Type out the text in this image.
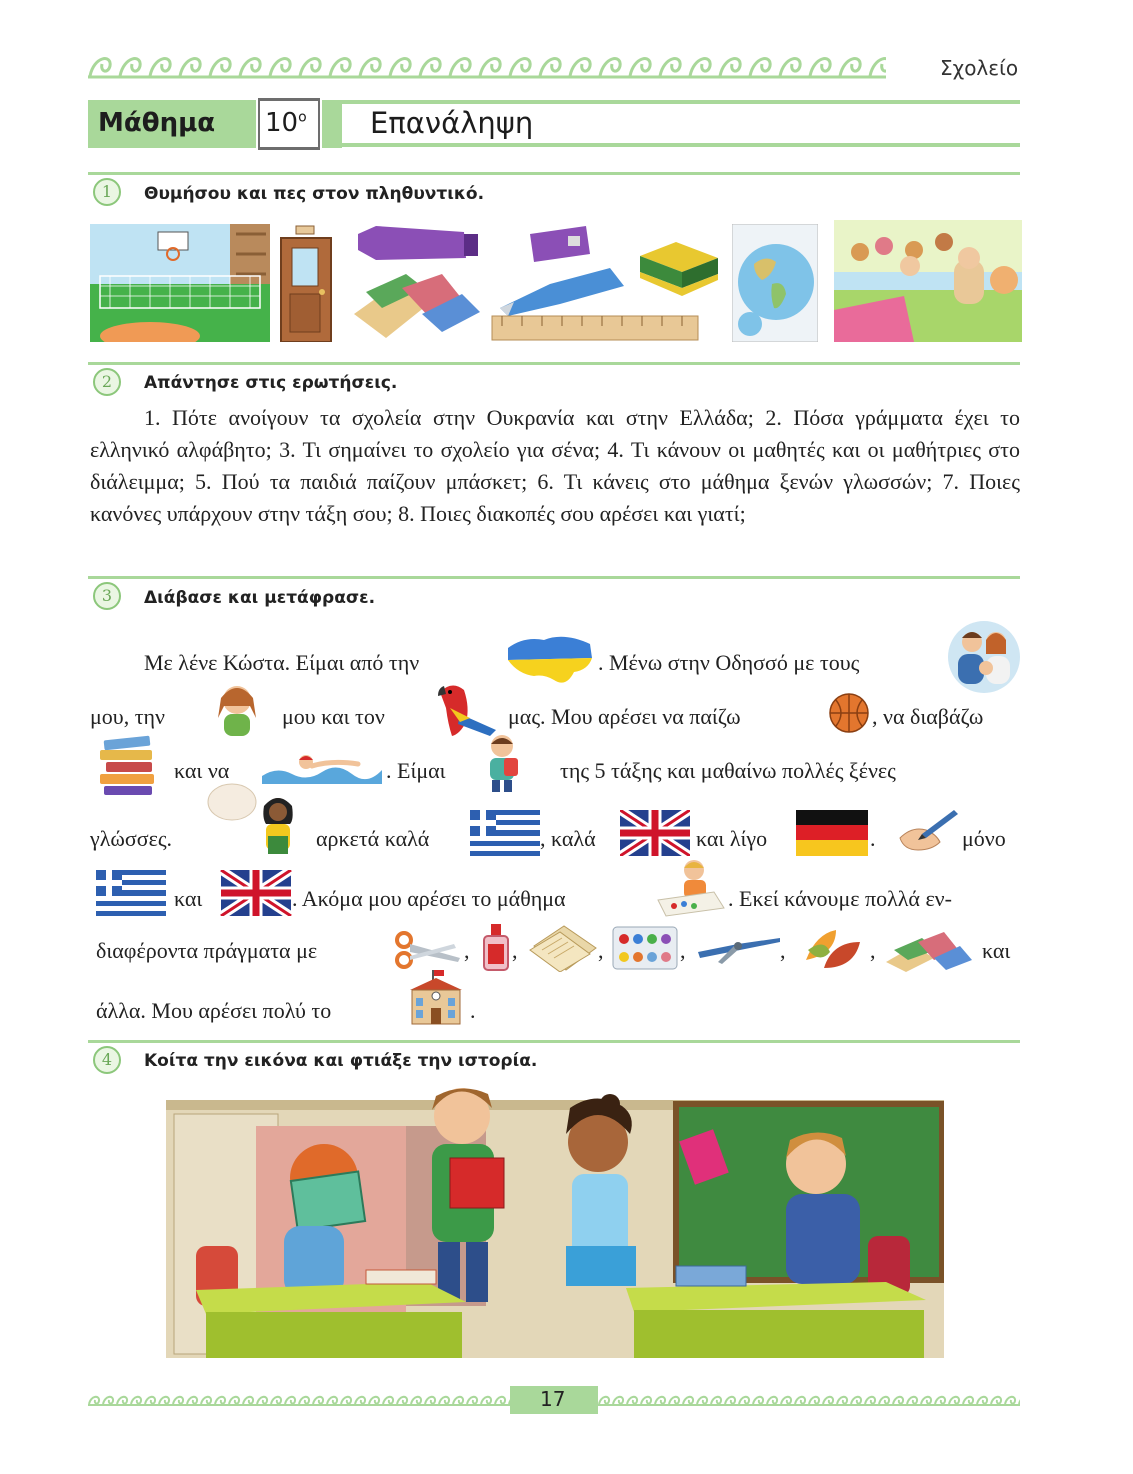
Σχολείο
Μάθημα $10^o$ Επανάληψη
1	Θυμήσου και πες στον πληθυντικό.
2	Απάντησε στις ερωτήσεις.
1. Πότε ανοίγουν τα σχολεία στην Ουκρανία και στην Ελλάδα; 2. Πόσα γράμματα έχει το ελληνικό αλφάβητο; 3. Τι σημαίνει το σχολείο για σένα; 4. Τι κάνουν οι μαθητές και οι μαθήτριες στο διάλειμμα; 5. Πού τα παιδιά παίζουν μπάσκετ; 6. Τι κάνεις στο μάθημα ξενών γλωσσών; 7. Ποιες κανόνες υπάρχουν στην τάξη σου; 8. Ποιες διακοπές σου αρέσει και γιατί;
3	Διάβασε και μετάφρασε.
Με λένε Κώστα. Είμαι από την	. Μένω στην Οδησσό με τους
μου, την	μου και τον	μας. Μου αρέσει να παίζω	, να διαβάζω
και να	. Είμαι	της 5 τάξης και μαθαίνω πολλές ξένες
γλώσσες.	αρκετά καλά	, καλά	και λίγο	.	μόνο
και	. Ακόμα μου αρέσει το μάθημα	. Εκεί κάνουμε πολλά εν-
διαφέροντα πράγματα με	, ,	,	,	,	,	και
άλλα. Μου αρέσει πολύ το	.
4	Κοίτα την εικόνα και φτιάξε την ιστορία.
17
